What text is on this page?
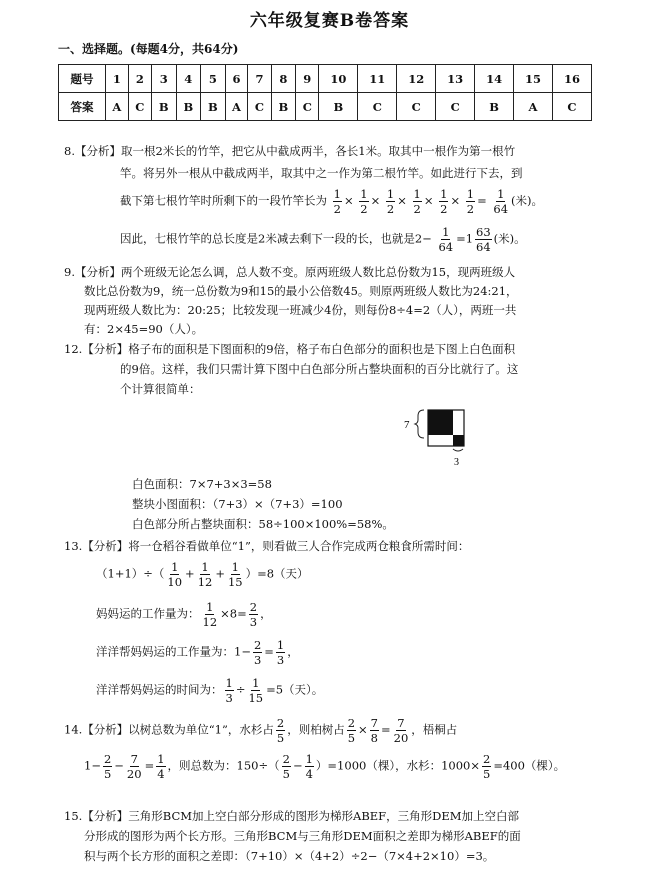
六年级复赛B卷答案
一、选择题。(每题4分，共64分)
题号	1	2	3	4	5	6	7	8	9	10	11	12	13	14	15	16
答案	A	C	B	B	B	A	C	B	C	B	C	C	C	B	A	C
8.【分析】取一根2米长的竹竿，把它从中截成两半，各长1米。取其中一根作为第一根竹
竿。将另外一根从中截成两半，取其中之一作为第二根竹竿。如此进行下去，到
截下第七根竹竿时所剩下的一段竹竿长为 $\frac{1}{2} \times \frac{1}{2} \times \frac{1}{2} \times \frac{1}{2} \times \frac{1}{2} \times \frac{1}{2} = \frac{1}{64}$ (米)。
因此，七根竹竿的总长度是2米减去剩下一段的长，也就是$2- \frac{1}{64} =1 \frac{63}{64}$ (米)。
9.【分析】两个班级无论怎么调，总人数不变。原两班级人数比总份数为15，现两班级人
数比总份数为9，统一总份数为9和15的最小公倍数45。则原两班级人数比为24:21，
现两班级人数比为：20:25；比较发现一班减少4份，则每份8÷4=2（人），两班一共
有：2×45=90（人）。
12.【分析】格子布的面积是下图面积的9倍，格子布白色部分的面积也是下图上白色面积
的9倍。这样，我们只需计算下图中白色部分所占整块面积的百分比就行了。这
个计算很简单：
7
3
白色面积：7×7+3×3=58
整块小图面积：（7+3）×（7+3）=100
白色部分所占整块面积：58÷100×100%=58%。
13.【分析】将一仓稻谷看做单位“1”，则看做三人合作完成两仓粮食所需时间：
$(1+1)\div( \frac{1}{10} + \frac{1}{12} + \frac{1}{15} )=8$（天）
妈妈运的工作量为： $\frac{1}{12} \times 8= \frac{2}{3}$ ，
洋洋帮妈妈运的工作量为：$1- \frac{2}{3} = \frac{1}{3}$ ，
洋洋帮妈妈运的时间为： $\frac{1}{3} \div \frac{1}{15} =5$（天）。
14.【分析】以树总数为单位“1”，水杉占 $\frac{2}{5}$ ，则柏树占 $\frac{2}{5} \times \frac{7}{8} = \frac{7}{20}$ ，梧桐占
$1- \frac{2}{5} - \frac{7}{20} = \frac{1}{4}$ ，则总数为：$150\div( \frac{2}{5} - \frac{1}{4} )=1000$（棵），水杉：$1000\times \frac{2}{5} =400$（棵）。
15.【分析】三角形BCM加上空白部分形成的图形为梯形ABEF，三角形DEM加上空白部
分形成的图形为两个长方形。三角形BCM与三角形DEM面积之差即为梯形ABEF的面
积与两个长方形的面积之差即：（7+10）×（4+2）÷2−（7×4+2×10）=3。
